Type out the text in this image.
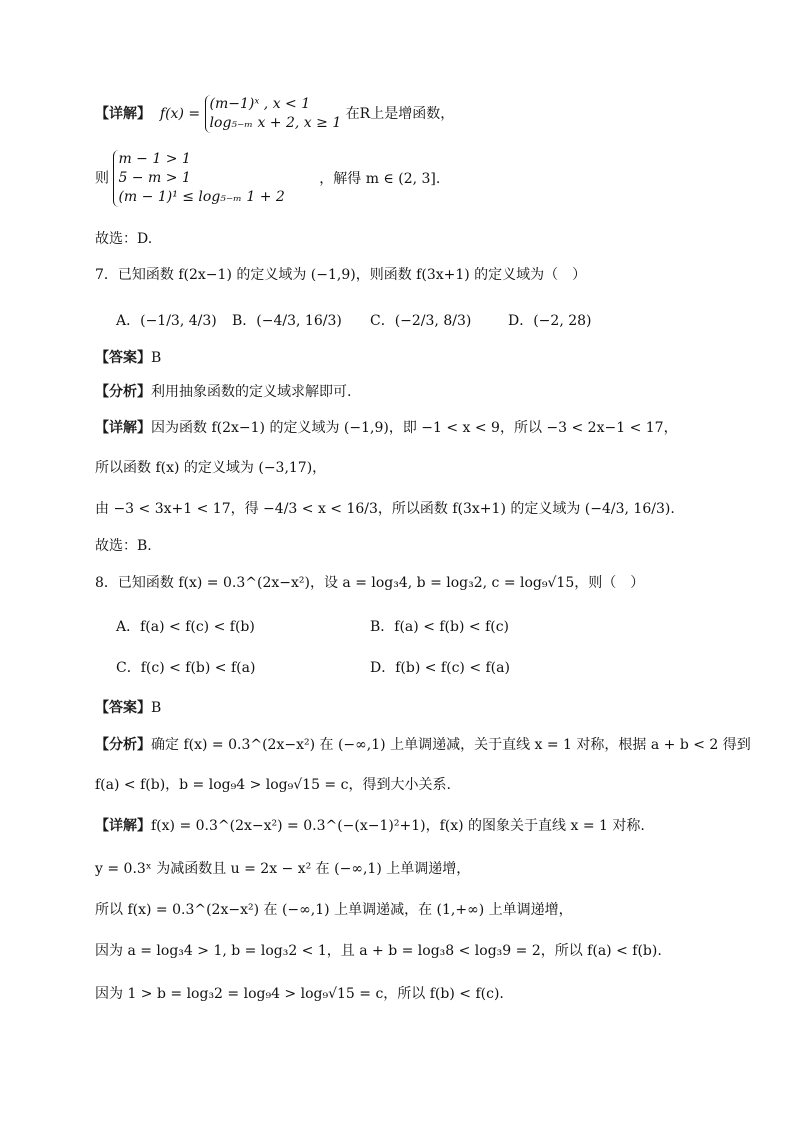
【详解】  f(x) =
(m−1)ˣ , x < 1
log₅₋ₘ x + 2, x ≥ 1
在R上是增函数，
则
m − 1 > 1
5 − m > 1
(m − 1)¹ ≤ log₅₋ₘ 1 + 2
，解得 m ∈ (2, 3].
故选：D.
7．已知函数 f(2x−1) 的定义域为 (−1,9)，则函数 f(3x+1) 的定义域为（　）
A．(−1/3, 4/3) B．(−4/3, 16/3) C．(−2/3, 8/3)	D．(−2, 28)
【答案】B
【分析】利用抽象函数的定义域求解即可.
【详解】因为函数 f(2x−1) 的定义域为 (−1,9)，即 −1 < x < 9，所以 −3 < 2x−1 < 17，
所以函数 f(x) 的定义域为 (−3,17)，
由 −3 < 3x+1 < 17，得 −4/3 < x < 16/3，所以函数 f(3x+1) 的定义域为 (−4/3, 16/3).
故选：B.
8．已知函数 f(x) = 0.3^(2x−x²)，设 a = log₃4, b = log₃2, c = log₉√15，则（　）
A．f(a) < f(c) < f(b)	B．f(a) < f(b) < f(c)
C．f(c) < f(b) < f(a)	D．f(b) < f(c) < f(a)
【答案】B
【分析】确定 f(x) = 0.3^(2x−x²) 在 (−∞,1) 上单调递减，关于直线 x = 1 对称，根据 a + b < 2 得到
f(a) < f(b)，b = log₉4 > log₉√15 = c，得到大小关系.
【详解】f(x) = 0.3^(2x−x²) = 0.3^(−(x−1)²+1)，f(x) 的图象关于直线 x = 1 对称.
y = 0.3ˣ 为减函数且 u = 2x − x² 在 (−∞,1) 上单调递增，
所以 f(x) = 0.3^(2x−x²) 在 (−∞,1) 上单调递减，在 (1,+∞) 上单调递增，
因为 a = log₃4 > 1, b = log₃2 < 1，且 a + b = log₃8 < log₃9 = 2，所以 f(a) < f(b).
因为 1 > b = log₃2 = log₉4 > log₉√15 = c，所以 f(b) < f(c).
